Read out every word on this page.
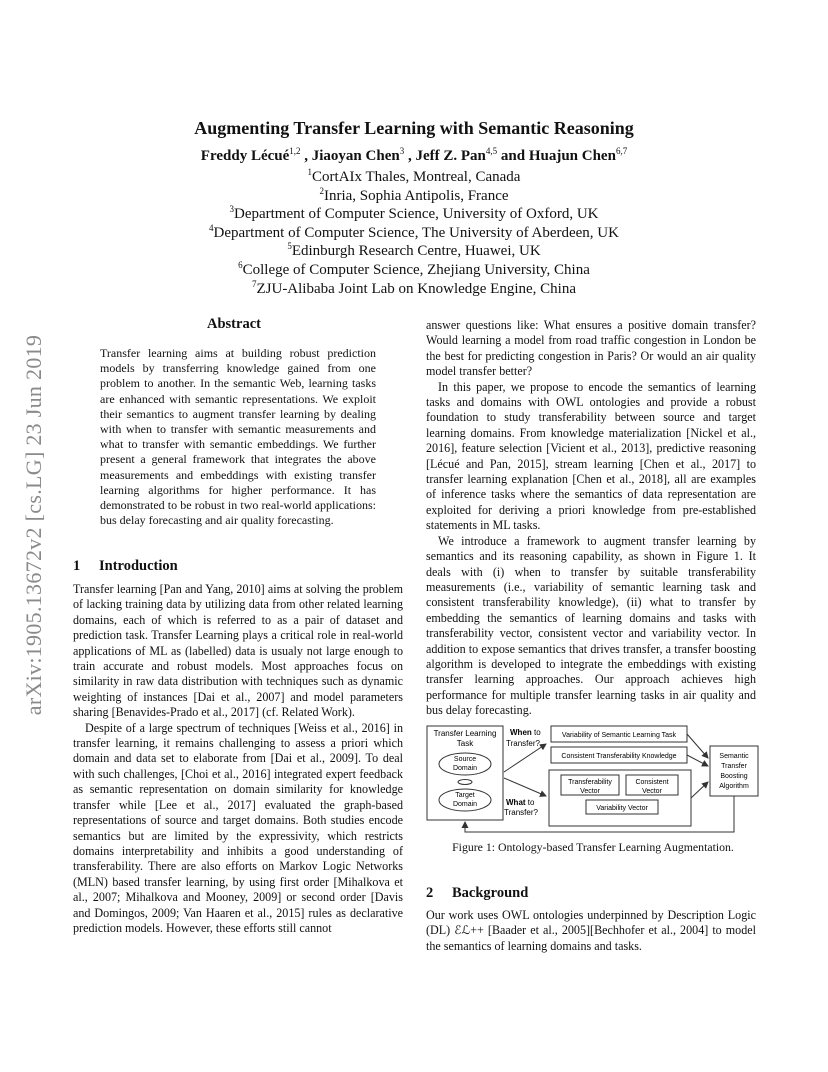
arXiv:1905.13672v2 [cs.LG] 23 Jun 2019
Augmenting Transfer Learning with Semantic Reasoning
Freddy Lécué$^{1,2}$ , Jiaoyan Chen$^3$ , Jeff Z. Pan$^{4,5}$ and Huajun Chen$^{6,7}$
$^1$CortAIx Thales, Montreal, Canada
$^2$Inria, Sophia Antipolis, France
$^3$Department of Computer Science, University of Oxford, UK
$^4$Department of Computer Science, The University of Aberdeen, UK
$^5$Edinburgh Research Centre, Huawei, UK
$^6$College of Computer Science, Zhejiang University, China
$^7$ZJU-Alibaba Joint Lab on Knowledge Engine, China
Abstract
Transfer learning aims at building robust prediction models by transferring knowledge gained from one problem to another. In the semantic Web, learning tasks are enhanced with semantic representations. We exploit their semantics to augment transfer learning by dealing with when to transfer with semantic measurements and what to transfer with semantic embeddings. We further present a general framework that integrates the above measurements and embeddings with existing transfer learning algorithms for higher performance. It has demonstrated to be robust in two real-world applications: bus delay forecasting and air quality forecasting.
1 Introduction

Transfer learning [Pan and Yang, 2010] aims at solving the problem of lacking training data by utilizing data from other related learning domains, each of which is referred to as a pair of dataset and prediction task. Transfer Learning plays a critical role in real-world applications of ML as (labelled) data is usualy not large enough to train accurate and robust models. Most approaches focus on similarity in raw data distribution with techniques such as dynamic weighting of instances [Dai et al., 2007] and model parameters sharing [Benavides-Prado et al., 2017] (cf. Related Work).

Despite of a large spectrum of techniques [Weiss et al., 2016] in transfer learning, it remains challenging to assess a priori which domain and data set to elaborate from [Dai et al., 2009]. To deal with such challenges, [Choi et al., 2016] integrated expert feedback as semantic representation on domain similarity for knowledge transfer while [Lee et al., 2017] evaluated the graph-based representations of source and target domains. Both studies encode semantics but are limited by the expressivity, which restricts domains interpretability and inhibits a good understanding of transferability. There are also efforts on Markov Logic Networks (MLN) based transfer learning, by using first order [Mihalkova et al., 2007; Mihalkova and Mooney, 2009] or second order [Davis and Domingos, 2009; Van Haaren et al., 2015] rules as declarative prediction models. However, these efforts still cannot

answer questions like: What ensures a positive domain transfer? Would learning a model from road traffic congestion in London be the best for predicting congestion in Paris? Or would an air quality model transfer better?

In this paper, we propose to encode the semantics of learning tasks and domains with OWL ontologies and provide a robust foundation to study transferability between source and target learning domains. From knowledge materialization [Nickel et al., 2016], feature selection [Vicient et al., 2013], predictive reasoning [Lécué and Pan, 2015], stream learning [Chen et al., 2017] to transfer learning explanation [Chen et al., 2018], all are examples of inference tasks where the semantics of data representation are exploited for deriving a priori knowledge from pre-established statements in ML tasks.

We introduce a framework to augment transfer learning by semantics and its reasoning capability, as shown in Figure 1. It deals with (i) when to transfer by suitable transferability measurements (i.e., variability of semantic learning task and consistent transferability knowledge), (ii) what to transfer by embedding the semantics of learning domains and tasks with transferability vector, consistent vector and variability vector. In addition to expose semantics that drives transfer, a transfer boosting algorithm is developed to integrate the embeddings with existing transfer learning approaches. Our approach achieves high performance for multiple transfer learning tasks in air quality and bus delay forecasting.

Transfer Learning
Task
Source
Domain
Target
Domain
When to
Transfer?
What to
Transfer?
Variability of Semantic Learning Task
Consistent Transferability Knowledge
Transferability
Vector
Consistent
Vector
Variability Vector
Semantic
Transfer
Boosting
Algorithm
Figure 1: Ontology-based Transfer Learning Augmentation.
2 Background

Our work uses OWL ontologies underpinned by Description Logic (DL) ℰℒ++ [Baader et al., 2005][Bechhofer et al., 2004] to model the semantics of learning domains and tasks.
